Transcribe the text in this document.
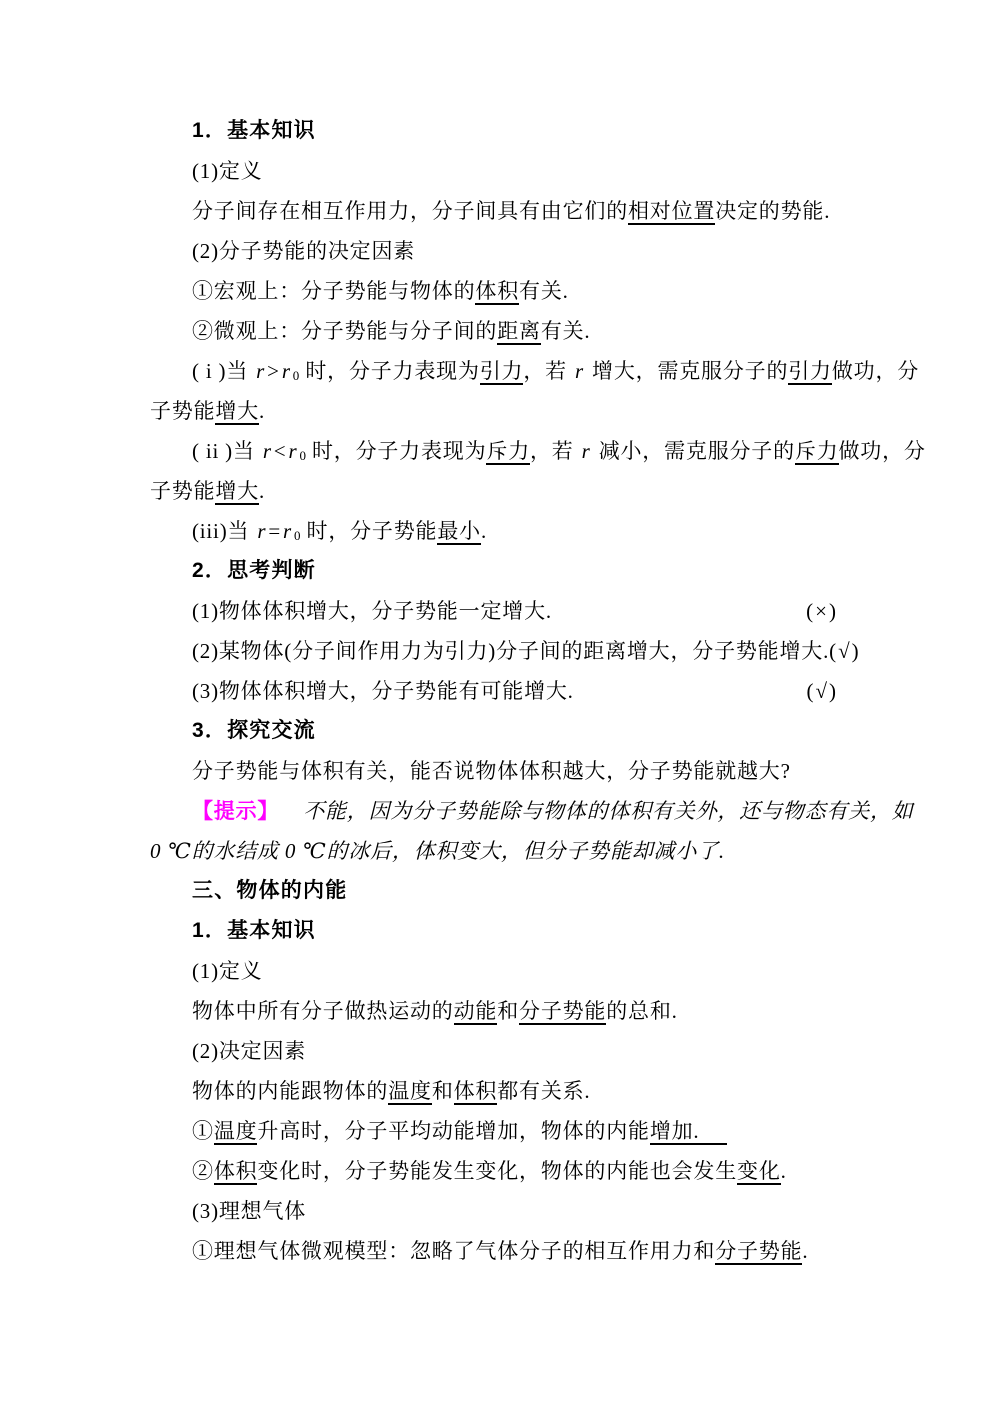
1．基本知识
(1)定义
分子间存在相互作用力，分子间具有由它们的相对位置决定的势能.
(2)分子势能的决定因素
①宏观上：分子势能与物体的体积有关.
②微观上：分子势能与分子间的距离有关.
( i )当 r>r 0 时，分子力表现为引力，若 r 增大，需克服分子的引力做功，分
子势能增大.
( ii )当 r<r 0 时，分子力表现为斥力，若 r 减小，需克服分子的斥力做功，分
子势能增大.
(iii)当 r=r 0 时，分子势能最小.
2．思考判断
(1)物体体积增大，分子势能一定增大.	(×)
(2)某物体(分子间作用力为引力)分子间的距离增大，分子势能增大. (√)
(3)物体体积增大，分子势能有可能增大.	(√)
3．探究交流
分子势能与体积有关，能否说物体体积越大，分子势能就越大?
【提示】 不能，因为分子势能除与物体的体积有关外，还与物态有关，如
0 ℃的水结成 0 ℃的冰后，体积变大，但分子势能却减小了.
三、物体的内能
1．基本知识
(1)定义
物体中所有分子做热运动的动能和分子势能的总和.
(2)决定因素
物体的内能跟物体的温度和体积都有关系.
①温度升高时，分子平均动能增加，物体的内能增加.
②体积变化时，分子势能发生变化，物体的内能也会发生变化.
(3)理想气体
①理想气体微观模型：忽略了气体分子的相互作用力和分子势能.
